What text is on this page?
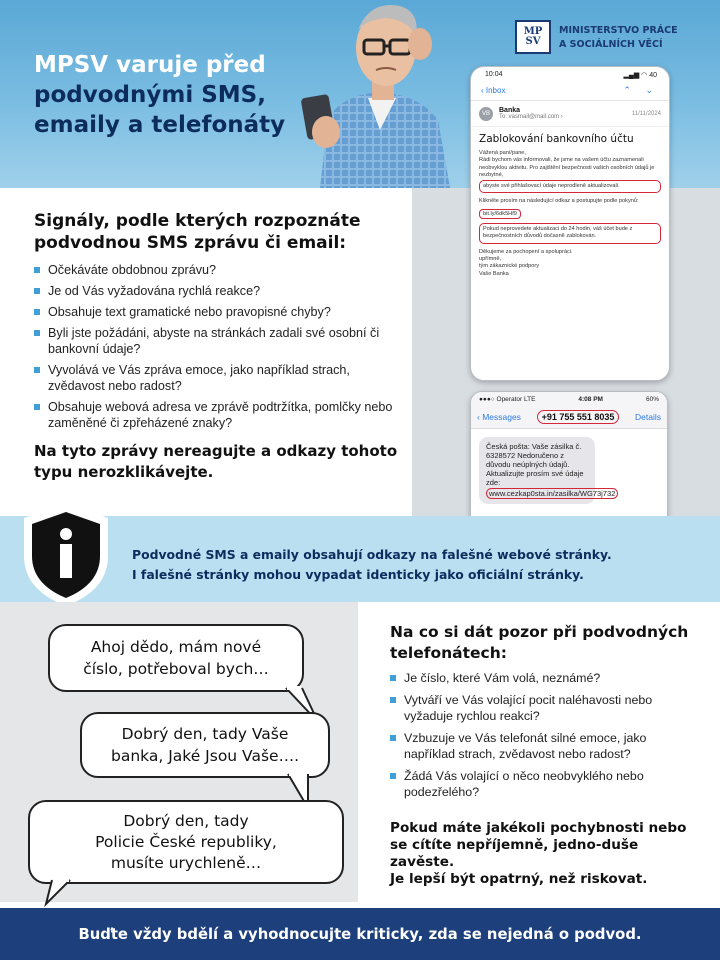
MPSV varuje před
podvodnými SMS,
emaily a telefonáty
MP
SV
MINISTERSTVO PRÁCE
A SOCIÁLNÍCH VĚCÍ
Signály, podle kterých rozpoznáte podvodnou SMS zprávu či email:
Očekáváte obdobnou zprávu?
Je od Vás vyžadována rychlá reakce?
Obsahuje text gramatické nebo pravopisné chyby?
Byli jste požádáni, abyste na stránkách zadali své osobní či bankovní údaje?
Vyvolává ve Vás zpráva emoce, jako například strach, zvědavost nebo radost?
Obsahuje webová adresa ve zprávě podtržítka, pomlčky nebo zaměněné či zpřeházené znaky?
Na tyto zprávy nereagujte a odkazy tohoto typu nerozklikávejte.
10:04	▂▄▆ ◠ 40
‹ Inbox	⌃ ⌄
VB	Banka
To: vasmail@mail.com ›
11/11/2024
Zablokování bankovního účtu

Vážená paní/pane,
Rádi bychom vás informovali, že jsme na vašem účtu zaznamenali neobvyklou aktivitu. Pro zajištění bezpečnosti vašich osobních údajů je nezbytné,
abyste své přihlašovací údaje neprodleně aktualizovali.

Klikněte prosím na následující odkaz a postupujte podle pokynů:

bit.ly/6dk5Hf9

Pokud neprovedete aktualizaci do 24 hodin, váš účet bude z bezpečnostních důvodů dočasně zablokován.

Děkujeme za pochopení a spolupráci.
upřímně,
tým zákaznické podpory
Vaše Banka

●●●○ Operator LTE	4:08 PM	60%
‹ Messages	+91 755 551 8035	Details
Česká pošta: Vaše zásilka č. 6328572 Nedoručeno z důvodu neúplných údajů. Aktualizujte prosím své údaje zde:
www.cezkap0sta.in/zasilka/WG73j732
Podvodné SMS a emaily obsahují odkazy na falešné webové stránky.
I falešné stránky mohou vypadat identicky jako oficiální stránky.
Ahoj dědo, mám nové
číslo, potřeboval bych…
Dobrý den, tady Vaše
banka, Jaké Jsou Vaše….
Dobrý den, tady
Policie České republiky,
musíte urychleně…
Na co si dát pozor při podvodných telefonátech:
Je číslo, které Vám volá, neznámé?
Vytváří ve Vás volající pocit naléhavosti nebo vyžaduje rychlou reakci?
Vzbuzuje ve Vás telefonát silné emoce, jako například strach, zvědavost nebo radost?
Žádá Vás volající o něco neobvyklého nebo podezřelého?
Pokud máte jakékoli pochybnosti nebo se cítíte nepříjemně, jedno-duše zavěste.
Je lepší být opatrný, než riskovat.
Buďte vždy bdělí a vyhodnocujte kriticky, zda se nejedná o podvod.
